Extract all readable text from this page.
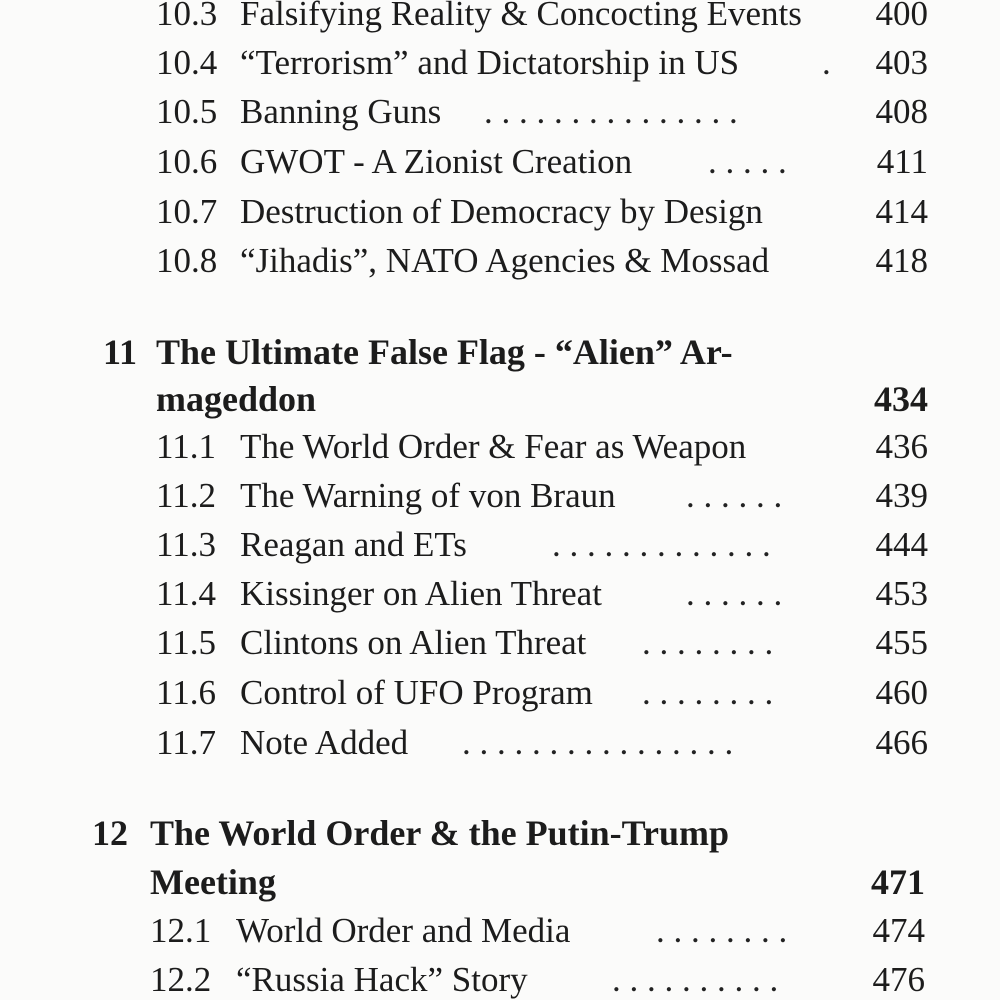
10.3 Falsifying Reality & Concocting Events 400
10.4 “Terrorism” and Dictatorship in US . 403
10.5 Banning Guns . . . . . . . . . . . . . . .	408
10.6 GWOT - A Zionist Creation . . . . .	411
10.7 Destruction of Democracy by Design	414
10.8 “Jihadis”, NATO Agencies & Mossad	418
11 The Ultimate False Flag - “Alien” Ar-
mageddon	434
11.1 The World Order & Fear as Weapon	436
11.2 The Warning of von Braun . . . . . .	439
11.3 Reagan and ETs . . . . . . . . . . . . .	444
11.4 Kissinger on Alien Threat . . . . . .	453
11.5 Clintons on Alien Threat . . . . . . . .	455
11.6 Control of UFO Program . . . . . . . .	460
11.7 Note Added . . . . . . . . . . . . . . . .	466
12 The World Order & the Putin-Trump
Meeting	471
12.1 World Order and Media . . . . . . . . 474
12.2 “Russia Hack” Story . . . . . . . . . .	476
